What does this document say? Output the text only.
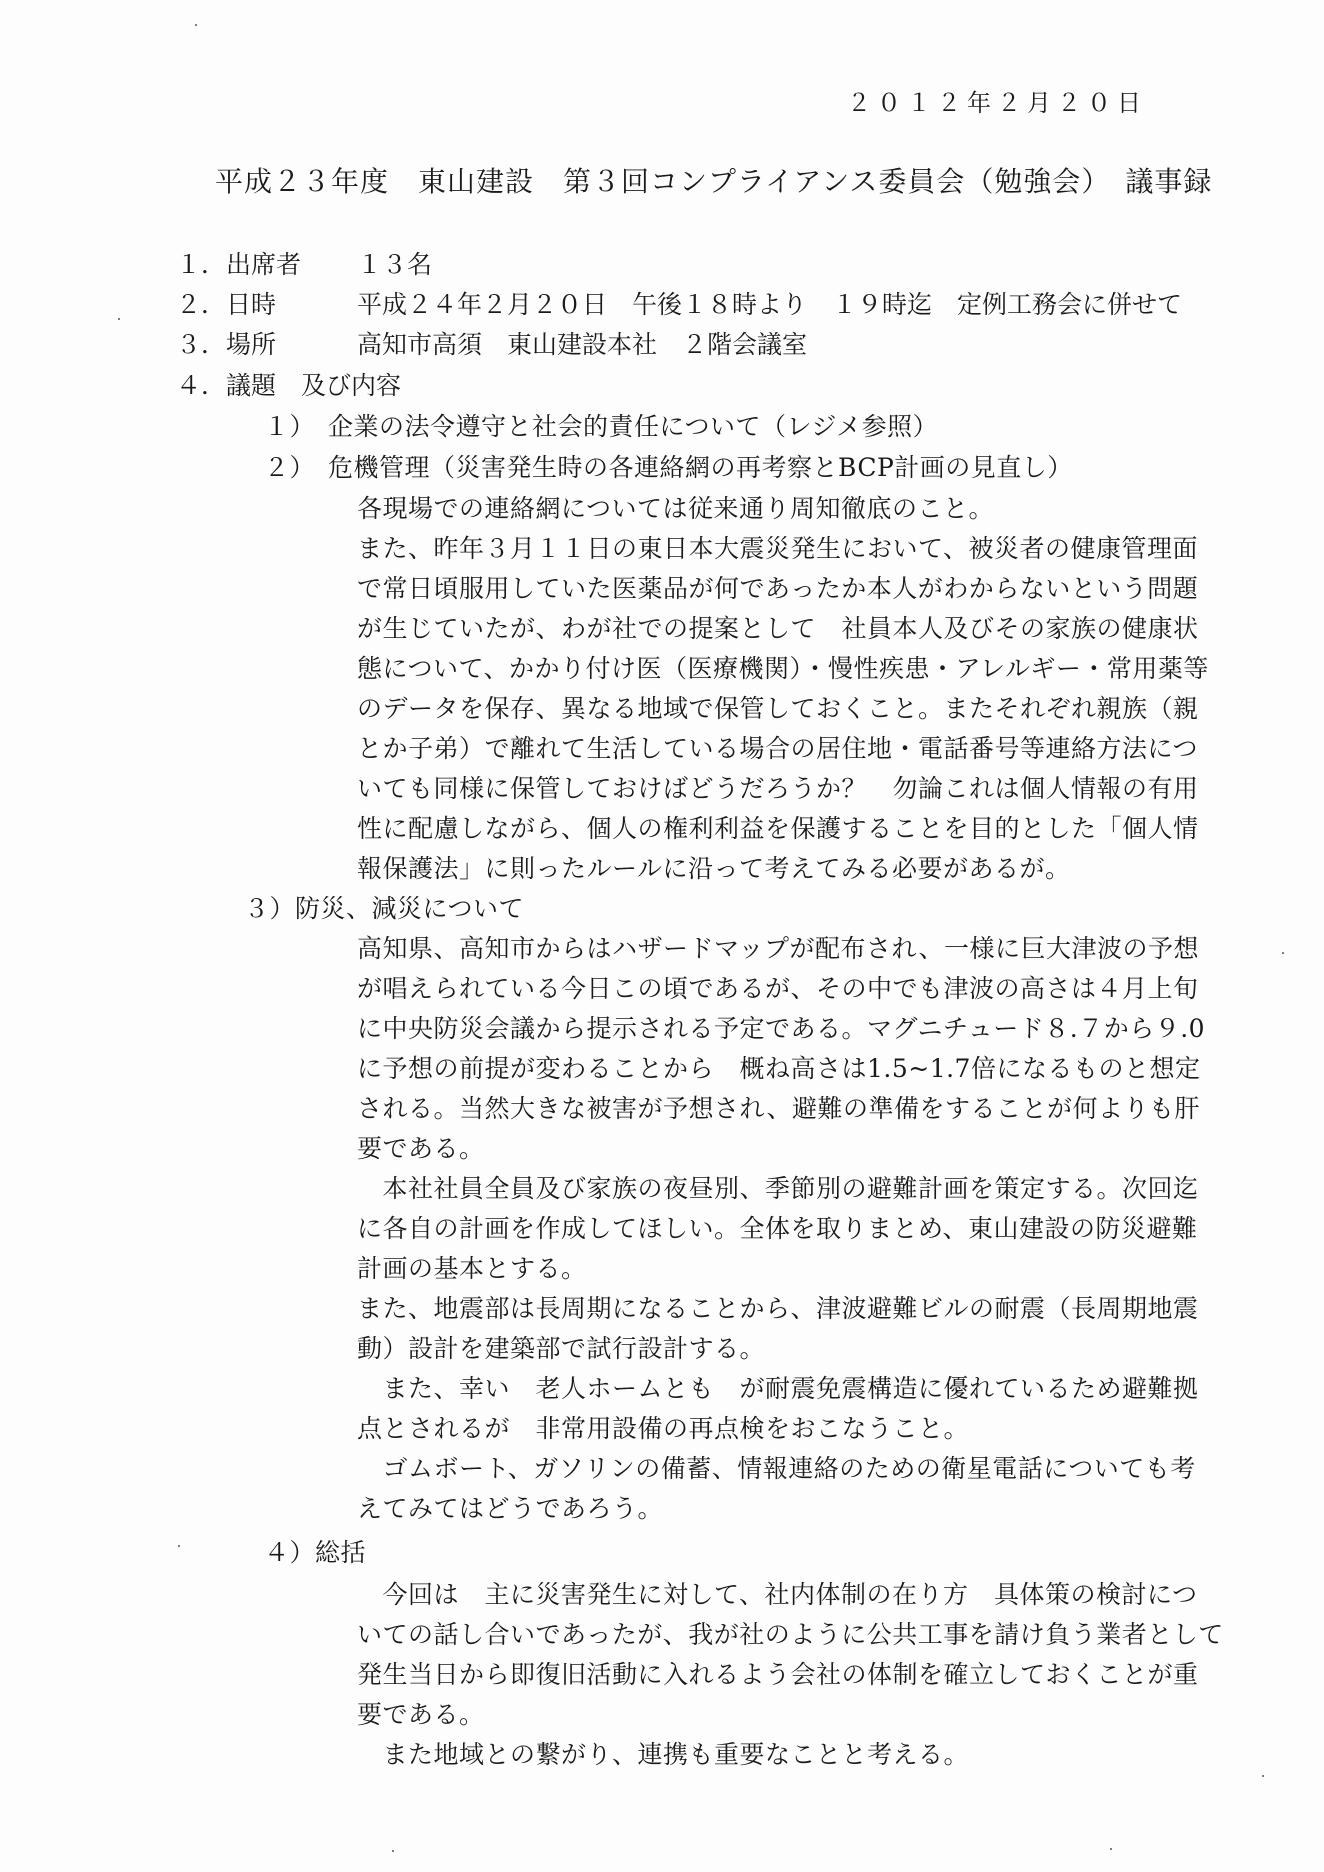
２０１２年２月２０日
平成２３年度　東山建設　第３回コンプライアンス委員会（勉強会）　議事録
１．出席者 １３名
２．日時	平成２４年２月２０日　午後１８時より　１９時迄　定例工務会に併せて
３．場所	高知市高須　東山建設本社　２階会議室
４．議題　及び内容
１）　企業の法令遵守と社会的責任について（レジメ参照）
２）　危機管理（災害発生時の各連絡網の再考察とBCP計画の見直し）
各現場での連絡網については従来通り周知徹底のこと。
また、昨年３月１１日の東日本大震災発生において、被災者の健康管理面
で常日頃服用していた医薬品が何であったか本人がわからないという問題
が生じていたが、わが社での提案として　社員本人及びその家族の健康状
態について、かかり付け医（医療機関）・慢性疾患・アレルギー・常用薬等
のデータを保存、異なる地域で保管しておくこと。またそれぞれ親族（親
とか子弟）で離れて生活している場合の居住地・電話番号等連絡方法につ
いても同様に保管しておけばどうだろうか？　勿論これは個人情報の有用
性に配慮しながら、個人の権利利益を保護することを目的とした「個人情
報保護法」に則ったルールに沿って考えてみる必要があるが。
３）防災、減災について
高知県、高知市からはハザードマップが配布され、一様に巨大津波の予想
が唱えられている今日この頃であるが、その中でも津波の高さは４月上旬
に中央防災会議から提示される予定である。マグニチュード８.７から９.0
に予想の前提が変わることから　概ね高さは1.5~1.7倍になるものと想定
される。当然大きな被害が予想され、避難の準備をすることが何よりも肝
要である。
　本社社員全員及び家族の夜昼別、季節別の避難計画を策定する。次回迄
に各自の計画を作成してほしい。全体を取りまとめ、東山建設の防災避難
計画の基本とする。
また、地震部は長周期になることから、津波避難ビルの耐震（長周期地震
動）設計を建築部で試行設計する。
　また、幸い　老人ホームとも　が耐震免震構造に優れているため避難拠
点とされるが　非常用設備の再点検をおこなうこと。
　ゴムボート、ガソリンの備蓄、情報連絡のための衛星電話についても考
えてみてはどうであろう。
４）総括
　今回は　主に災害発生に対して、社内体制の在り方　具体策の検討につ
いての話し合いであったが、我が社のように公共工事を請け負う業者として
発生当日から即復旧活動に入れるよう会社の体制を確立しておくことが重
要である。
　また地域との繋がり、連携も重要なことと考える。
